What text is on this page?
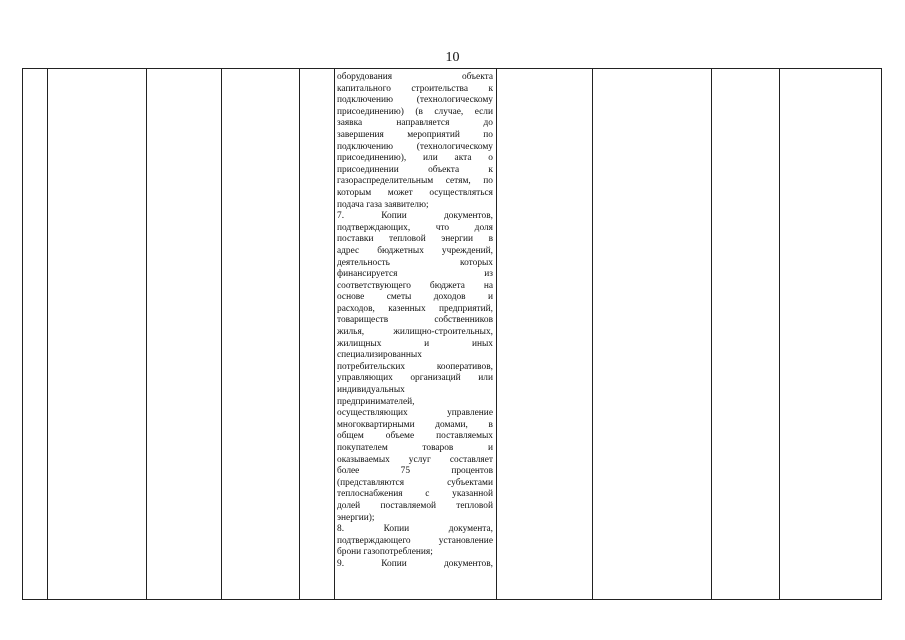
10
оборудования объекта
капитального строительства к
подключению (технологическому
присоединению) (в случае, если
заявка направляется до
завершения мероприятий по
подключению (технологическому
присоединению), или акта о
присоединении объекта к
газораспределительным сетям, по
которым может осуществляться
подача газа заявителю;
7. Копии документов,
подтверждающих, что доля
поставки тепловой энергии в
адрес бюджетных учреждений,
деятельность которых
финансируется из
соответствующего бюджета на
основе сметы доходов и
расходов, казенных предприятий,
товариществ собственников
жилья, жилищно-строительных,
жилищных и иных
специализированных
потребительских кооперативов,
управляющих организаций или
индивидуальных
предпринимателей,
осуществляющих управление
многоквартирными домами, в
общем объеме поставляемых
покупателем товаров и
оказываемых услуг составляет
более 75 процентов
(представляются субъектами
теплоснабжения с указанной
долей поставляемой тепловой
энергии);
8. Копии документа,
подтверждающего установление
брони газопотребления;
9. Копии документов,
